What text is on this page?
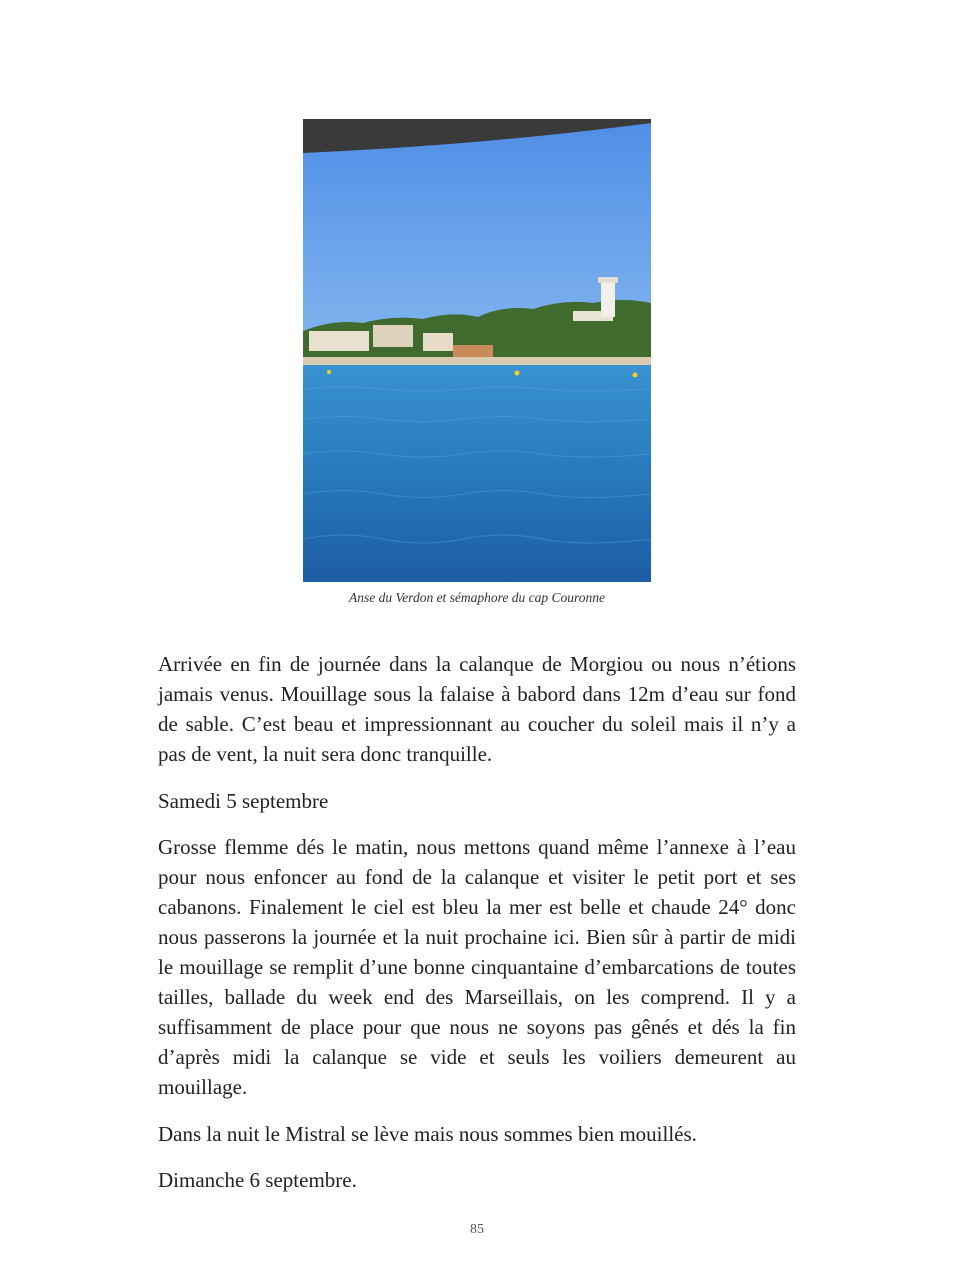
Anse du Verdon et sémaphore du cap Couronne

Arrivée en fin de journée dans la calanque de Morgiou ou nous n’étions jamais venus. Mouillage sous la falaise à babord dans 12m d’eau sur fond de sable. C’est beau et impressionnant au coucher du soleil mais il n’y a pas de vent, la nuit sera donc tranquille.

Samedi 5 septembre

Grosse flemme dés le matin, nous mettons quand même l’annexe à l’eau pour nous enfoncer au fond de la calanque et visiter le petit port et ses cabanons. Finalement le ciel est bleu la mer est belle et chaude 24° donc nous passerons la journée et la nuit prochaine ici. Bien sûr à partir de midi le mouillage se remplit d’une bonne cinquantaine d’embarcations de toutes tailles, ballade du week end des Marseillais, on les comprend. Il y a suffisamment de place pour que nous ne soyons pas gênés et dés la fin d’après midi la calanque se vide et seuls les voiliers demeurent au mouillage.

Dans la nuit le Mistral se lève mais nous sommes bien mouillés.

Dimanche 6 septembre.

85
